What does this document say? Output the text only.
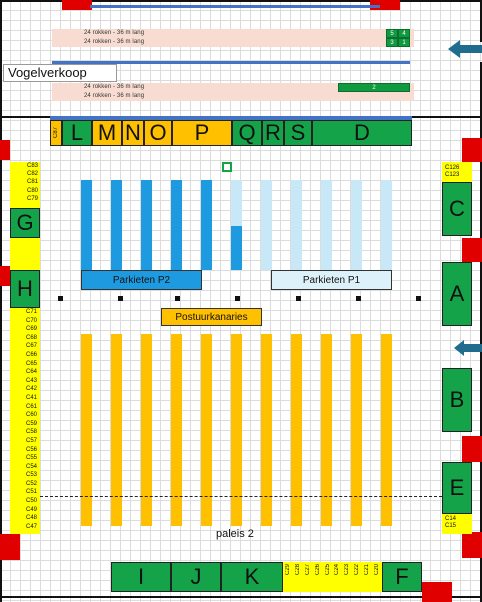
24 rokken - 36 m lang
24 rokken - 36 m lang
5	4
3	1
Vogelverkoop
24 rokken - 36 m lang
24 rokken - 36 m lang
2
C87 L M N O P Q R S D
C83
C82
C81
C80
C79
G
H
C71
C70
C69
C68
C67
C66
C65
C64
C43
C42
C41
C61
C60
C59
C58
C57
C56
C55
C54
C53
C52
C51
C50
C49
C48
C47
C126
C123
C
A
B
E
C14
C15
Parkieten P2	Parkieten P1
Postuurkanaries
paleis 2
I J K	C29 C28 C27 C26 C25 C24 C23 C22 C21 C20 F
